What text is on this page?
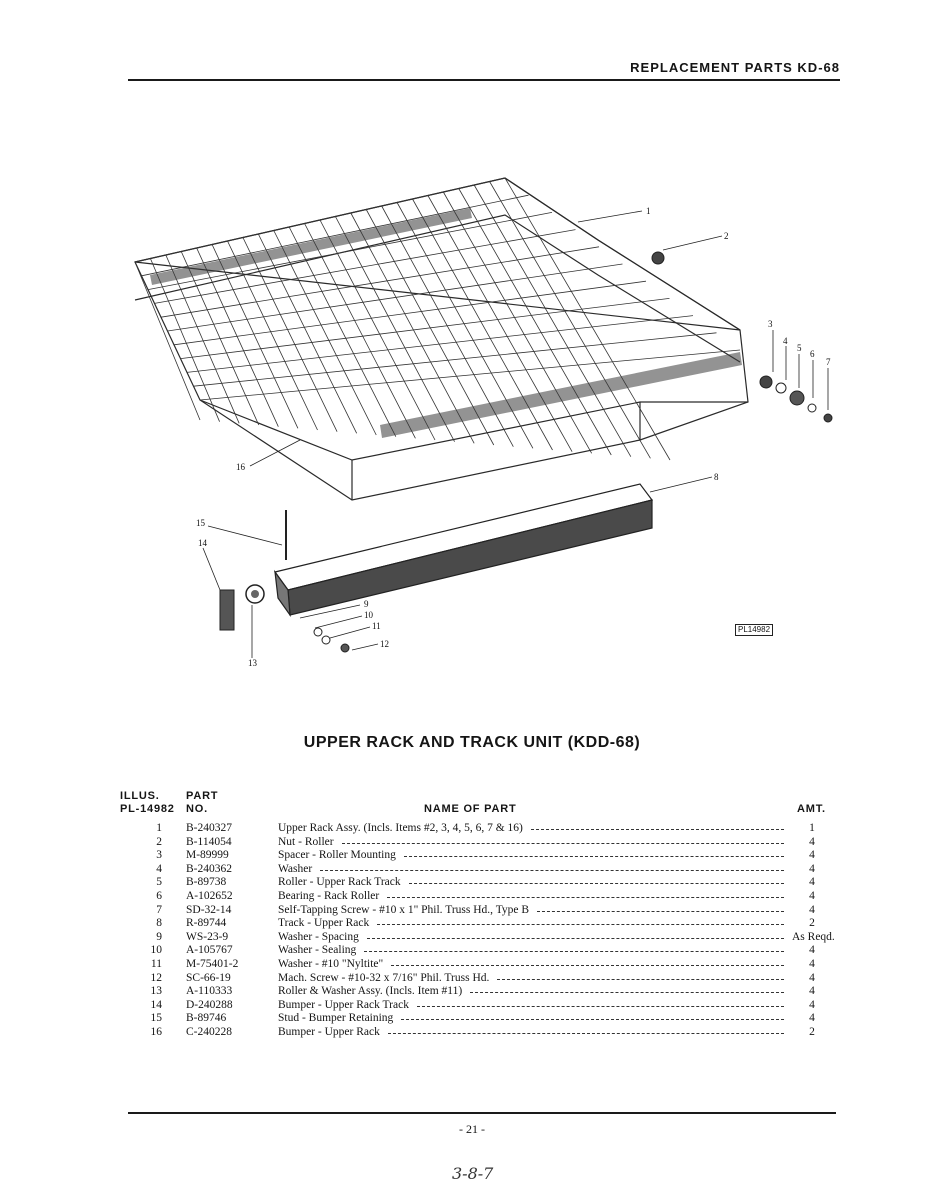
REPLACEMENT PARTS KD-68
1
2
3
4
5
6
7
8
9
10
11
12
13
14
15
16
PL14982
UPPER RACK AND TRACK UNIT (KDD-68)
ILLUS.
PL-14982
PART
NO.	NAME OF PART	AMT.
1 B-240327	Upper Rack Assy. (Incls. Items #2, 3, 4, 5, 6, 7 & 16)	1
2 B-114054	Nut - Roller	4
3 M-89999	Spacer - Roller Mounting	4
4 B-240362	Washer	4
5 B-89738	Roller - Upper Rack Track	4
6 A-102652	Bearing - Rack Roller	4
7 SD-32-14	Self-Tapping Screw - #10 x 1" Phil. Truss Hd., Type B	4
8 R-89744	Track - Upper Rack	2
9 WS-23-9	Washer - Spacing	As Reqd.
10 A-105767	Washer - Sealing	4
11 M-75401-2	Washer - #10 "Nyltite"	4
12 SC-66-19	Mach. Screw - #10-32 x 7/16" Phil. Truss Hd.	4
13 A-110333	Roller & Washer Assy. (Incls. Item #11)	4
14 D-240288	Bumper - Upper Rack Track	4
15 B-89746	Stud - Bumper Retaining	4
16 C-240228	Bumper - Upper Rack	2
- 21 -
3-8-7
